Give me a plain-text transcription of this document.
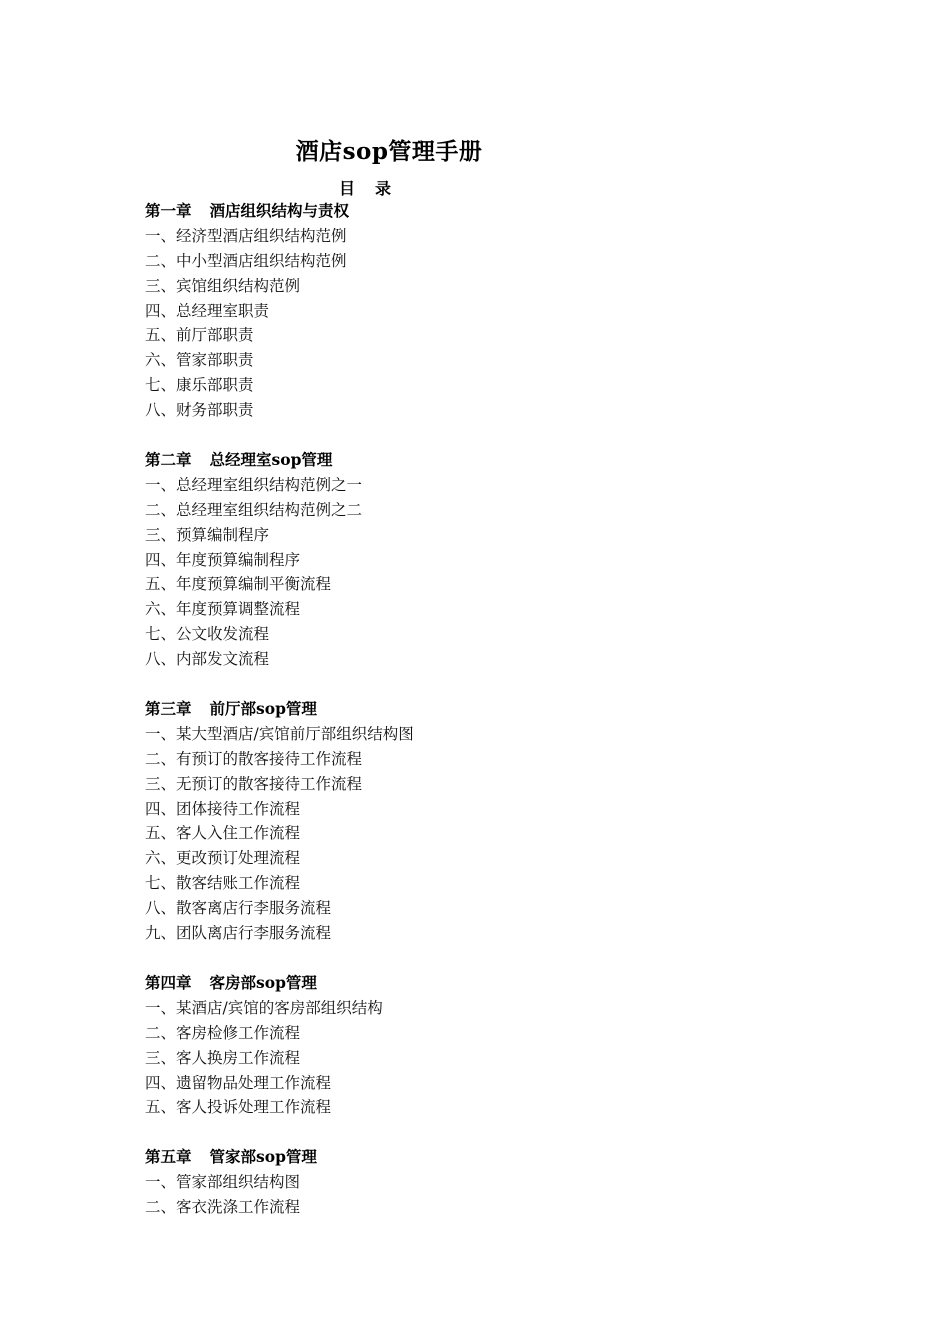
酒店sop管理手册
目录
第一章 酒店组织结构与责权
一、经济型酒店组织结构范例
二、中小型酒店组织结构范例
三、宾馆组织结构范例
四、总经理室职责
五、前厅部职责
六、管家部职责
七、康乐部职责
八、财务部职责
第二章 总经理室sop管理
一、总经理室组织结构范例之一
二、总经理室组织结构范例之二
三、预算编制程序
四、年度预算编制程序
五、年度预算编制平衡流程
六、年度预算调整流程
七、公文收发流程
八、内部发文流程
第三章 前厅部sop管理
一、某大型酒店/宾馆前厅部组织结构图
二、有预订的散客接待工作流程
三、无预订的散客接待工作流程
四、团体接待工作流程
五、客人入住工作流程
六、更改预订处理流程
七、散客结账工作流程
八、散客离店行李服务流程
九、团队离店行李服务流程
第四章 客房部sop管理
一、某酒店/宾馆的客房部组织结构
二、客房检修工作流程
三、客人换房工作流程
四、遗留物品处理工作流程
五、客人投诉处理工作流程
第五章 管家部sop管理
一、管家部组织结构图
二、客衣洗涤工作流程
